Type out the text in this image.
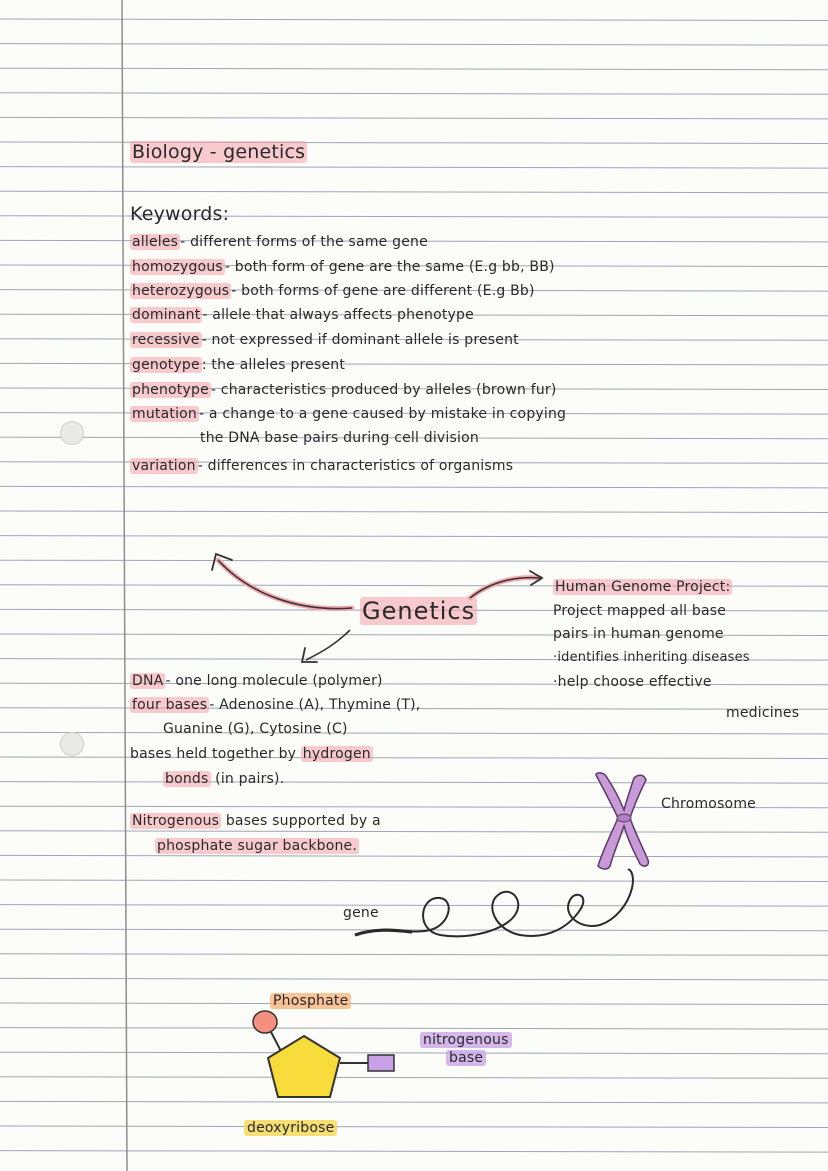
Biology - genetics
Keywords:
alleles - different forms of the same gene
homozygous - both form of gene are the same (E.g bb, BB)
heterozygous - both forms of gene are different (E.g Bb)
dominant - allele that always affects phenotype
recessive - not expressed if dominant allele is present
genotype : the alleles present
phenotype - characteristics produced by alleles (brown fur)
mutation - a change to a gene caused by mistake in copying
the DNA base pairs during cell division
variation - differences in characteristics of organisms
Genetics
Human Genome Project:
Project mapped all base
pairs in human genome
·identifies inheriting diseases
·help choose effective
medicines
DNA - one long molecule (polymer)
four bases - Adenosine (A), Thymine (T),
Guanine (G), Cytosine (C)
bases held together by hydrogen
bonds (in pairs).
Nitrogenous bases supported by a
phosphate sugar backbone.
Chromosome
gene
Phosphate
nitrogenous
base
deoxyribose
